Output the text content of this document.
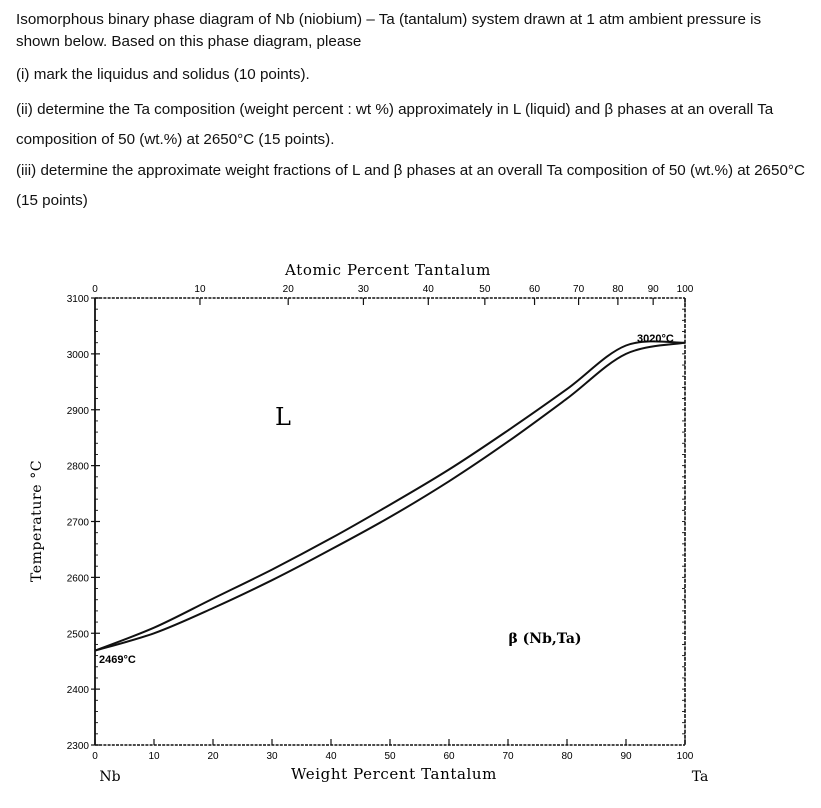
Isomorphous binary phase diagram of Nb (niobium) – Ta (tantalum) system drawn at 1 atm ambient pressure is shown below. Based on this phase diagram, please

(i) mark the liquidus and solidus (10 points).

(ii) determine the Ta composition (weight percent : wt %) approximately in L (liquid) and β phases at an overall Ta composition of 50 (wt.%) at 2650°C (15 points).

(iii) determine the approximate weight fractions of L and β phases at an overall Ta composition of 50 (wt.%) at 2650°C (15 points)

0	10	20	30	40	50	60	70	80	90	100
0	10	20	30	40	50	60	70	80 90 100
2300
2400
2500
2600
2700
2800
2900
3000
3100
Atomic Percent Tantalum
Weight Percent Tantalum
Temperature °C
Nb	Ta
L
β (Nb,Ta)
2469°C
3020°C
